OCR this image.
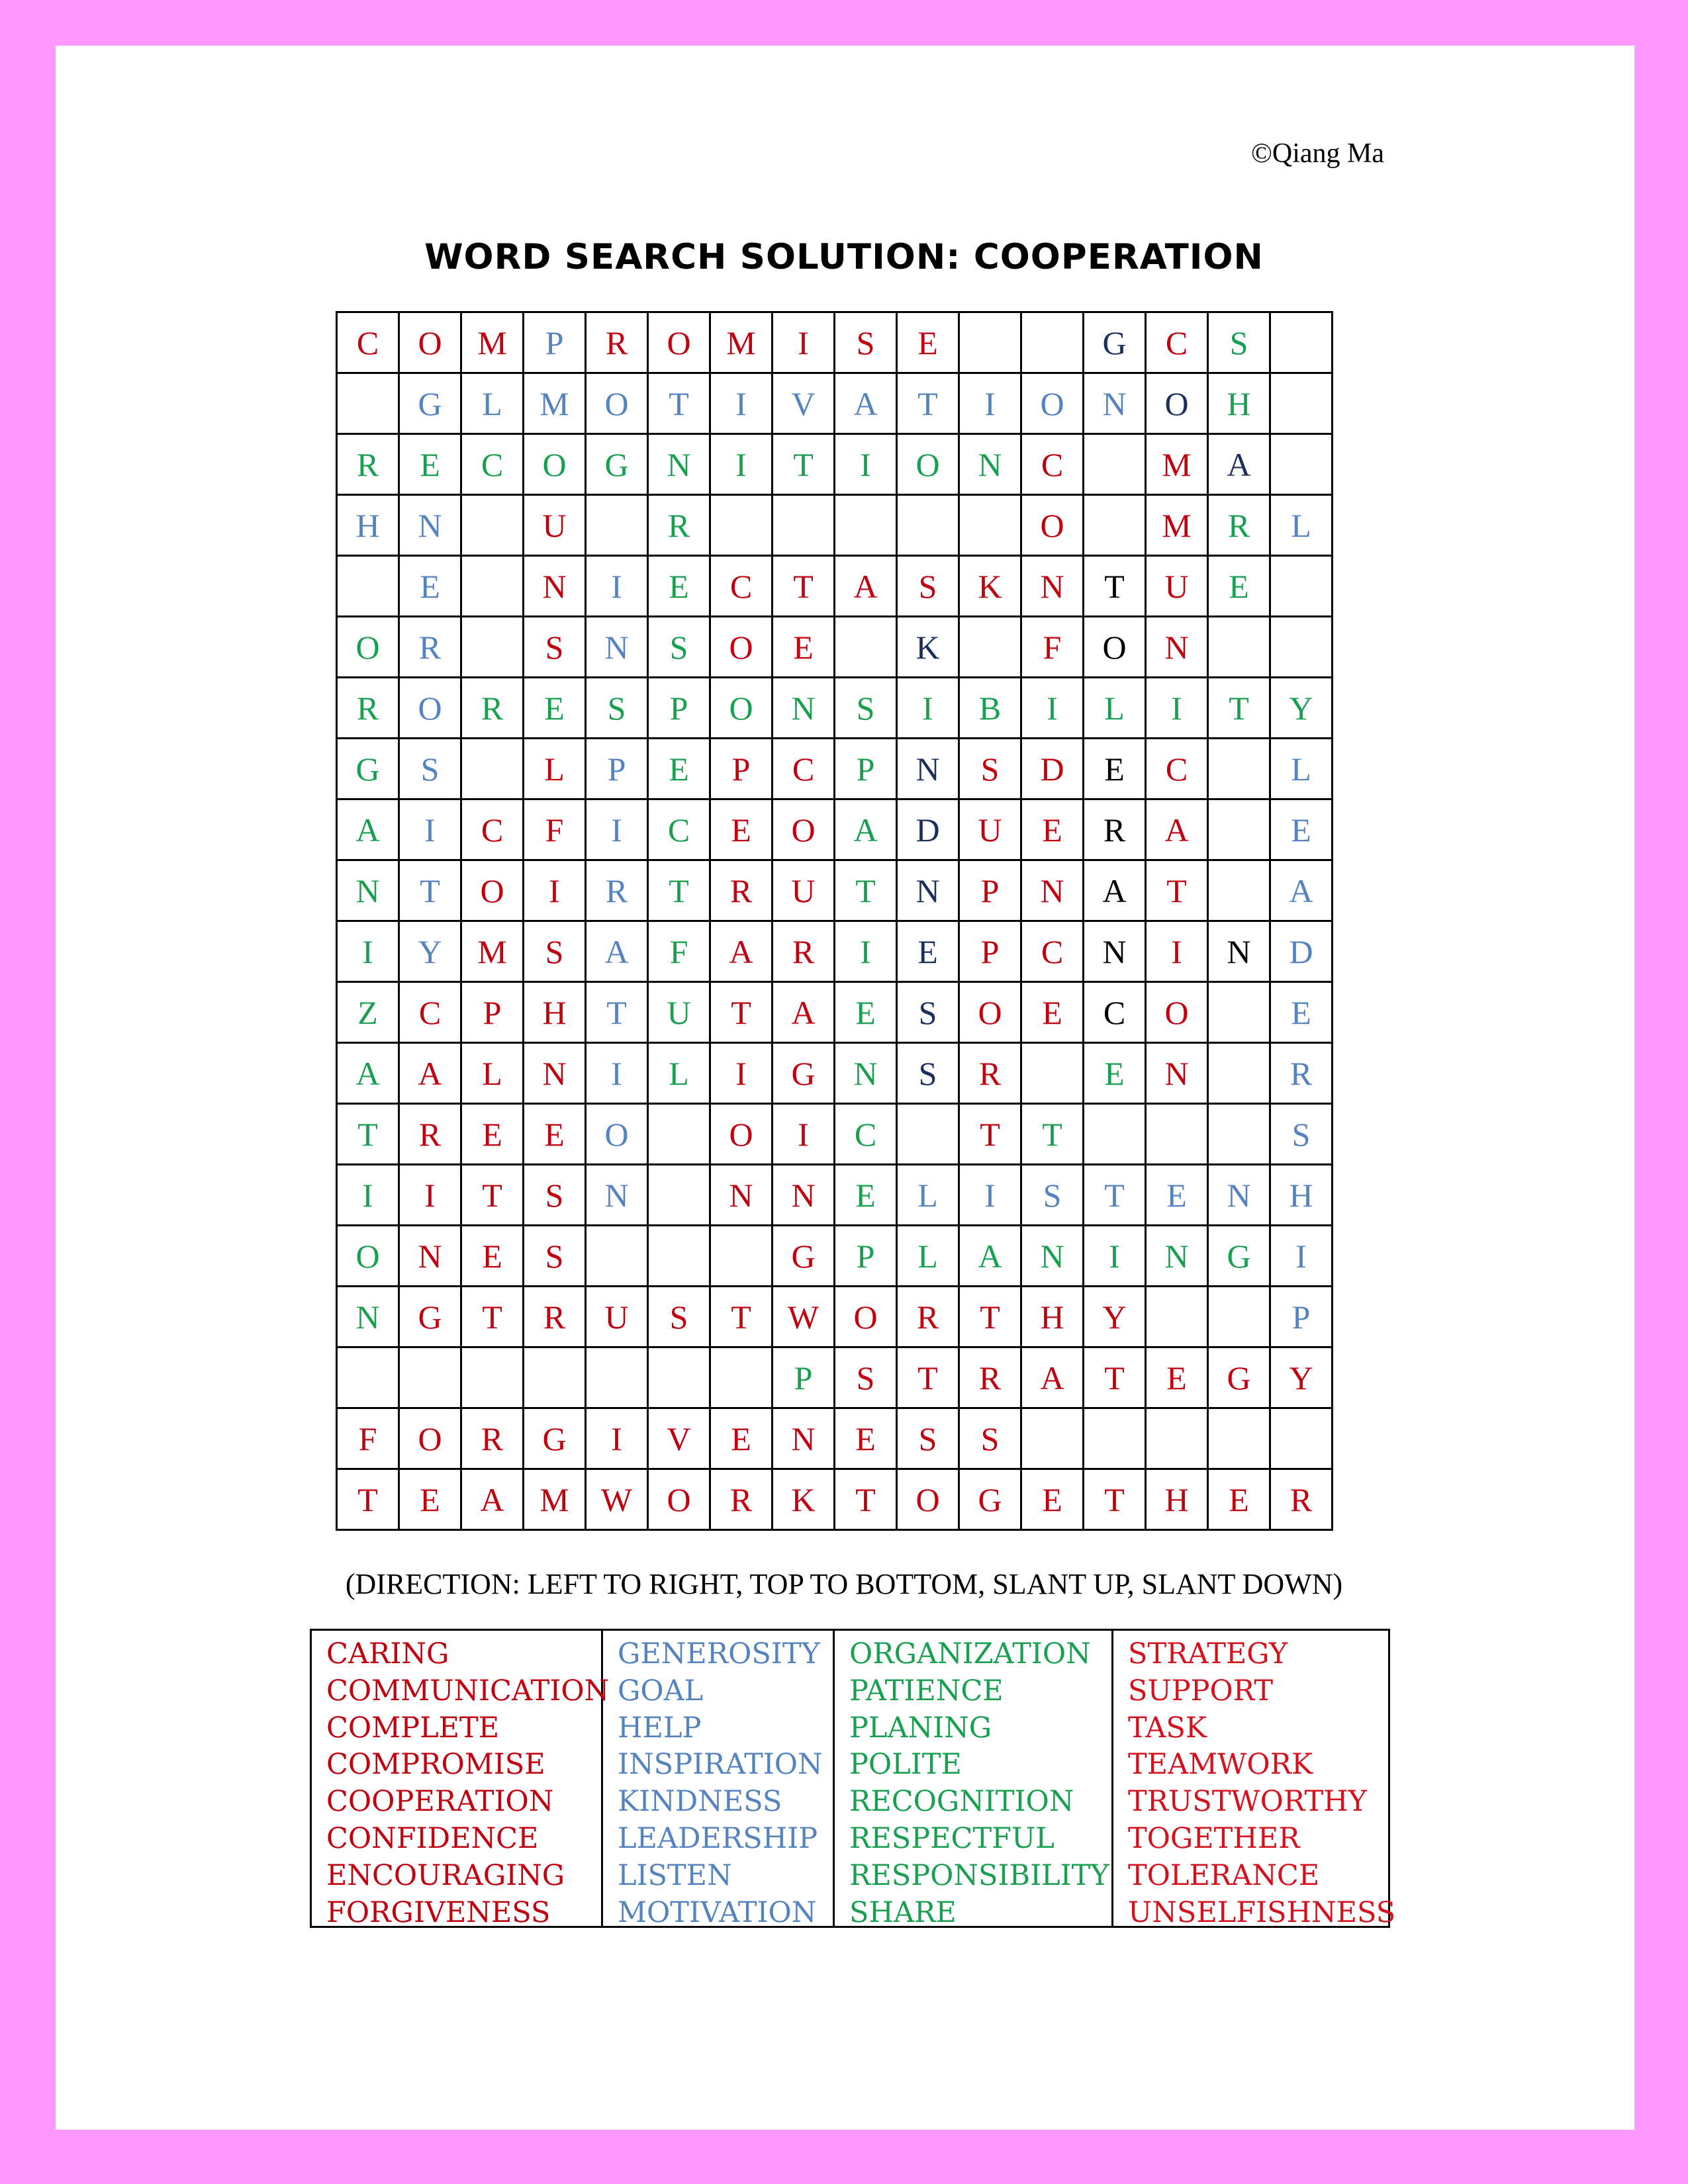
©Qiang Ma
WORD SEARCH SOLUTION: COOPERATION
C	O	M	P	R	O	M	I	S	E			G	C	S	
	G	L	M	O	T	I	V	A	T	I	O	N	O	H	
R	E	C	O	G	N	I	T	I	O	N	C		M	A	
H	N		U		R						O		M	R	L
	E		N	I	E	C	T	A	S	K	N	T	U	E	
O	R		S	N	S	O	E		K		F	O	N		
R	O	R	E	S	P	O	N	S	I	B	I	L	I	T	Y
G	S		L	P	E	P	C	P	N	S	D	E	C		L
A	I	C	F	I	C	E	O	A	D	U	E	R	A		E
N	T	O	I	R	T	R	U	T	N	P	N	A	T		A
I	Y	M	S	A	F	A	R	I	E	P	C	N	I	N	D
Z	C	P	H	T	U	T	A	E	S	O	E	C	O		E
A	A	L	N	I	L	I	G	N	S	R		E	N		R
T	R	E	E	O		O	I	C		T	T				S
I	I	T	S	N		N	N	E	L	I	S	T	E	N	H
O	N	E	S				G	P	L	A	N	I	N	G	I
N	G	T	R	U	S	T	W	O	R	T	H	Y			P
							P	S	T	R	A	T	E	G	Y
F	O	R	G	I	V	E	N	E	S	S					
T	E	A	M	W	O	R	K	T	O	G	E	T	H	E	R
(DIRECTION: LEFT TO RIGHT, TOP TO BOTTOM, SLANT UP, SLANT DOWN)
CARING
COMMUNICATION
COMPLETE
COMPROMISE
COOPERATION
CONFIDENCE
ENCOURAGING
FORGIVENESS
GENEROSITY
GOAL
HELP
INSPIRATION
KINDNESS
LEADERSHIP
LISTEN
MOTIVATION
ORGANIZATION
PATIENCE
PLANING
POLITE
RECOGNITION
RESPECTFUL
RESPONSIBILITY
SHARE
STRATEGY
SUPPORT
TASK
TEAMWORK
TRUSTWORTHY
TOGETHER
TOLERANCE
UNSELFISHNESS
